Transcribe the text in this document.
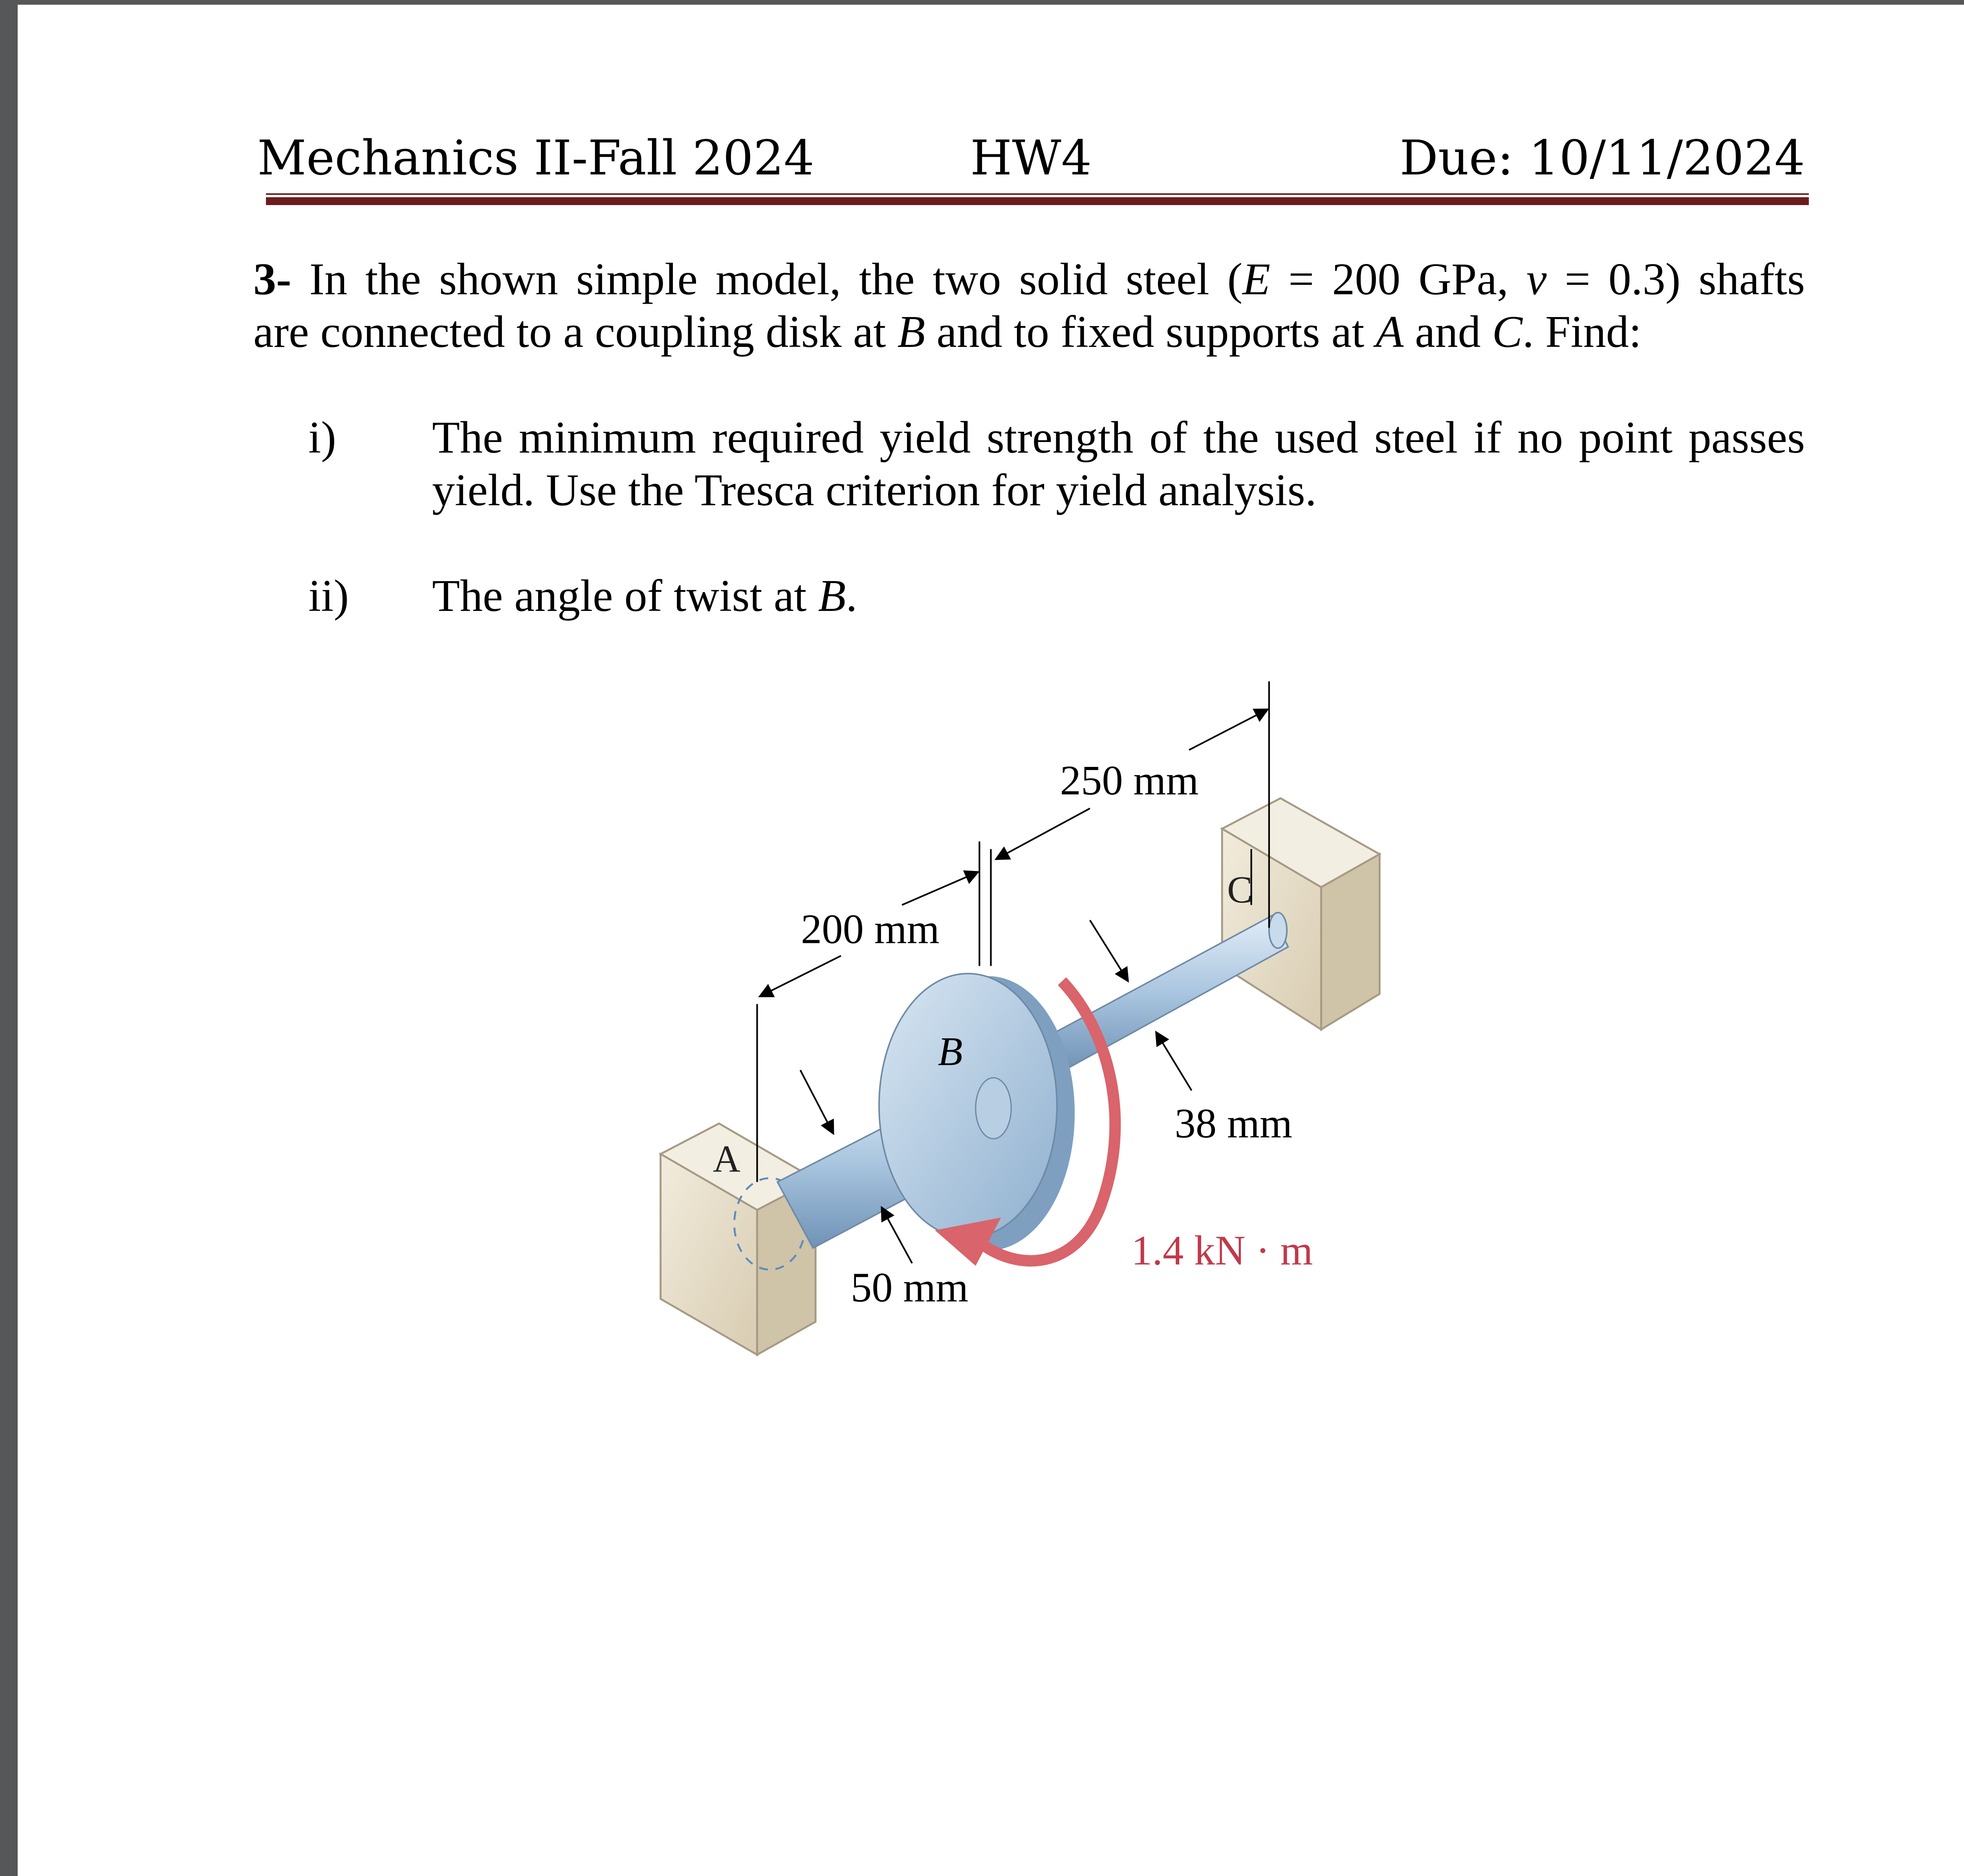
Mechanics II-Fall 2024	HW4	Due: 10/11/2024
3- In the shown simple model, the two solid steel (E = 200 GPa, ν = 0.3) shafts
are connected to a coupling disk at B and to fixed supports at A and C. Find:
i) The minimum required yield strength of the used steel if no point passes
yield. Use the Tresca criterion for yield analysis.
ii) The angle of twist at B.
250 mm
200 mm
38 mm
50 mm
1.4 kN · m
A
B
C
